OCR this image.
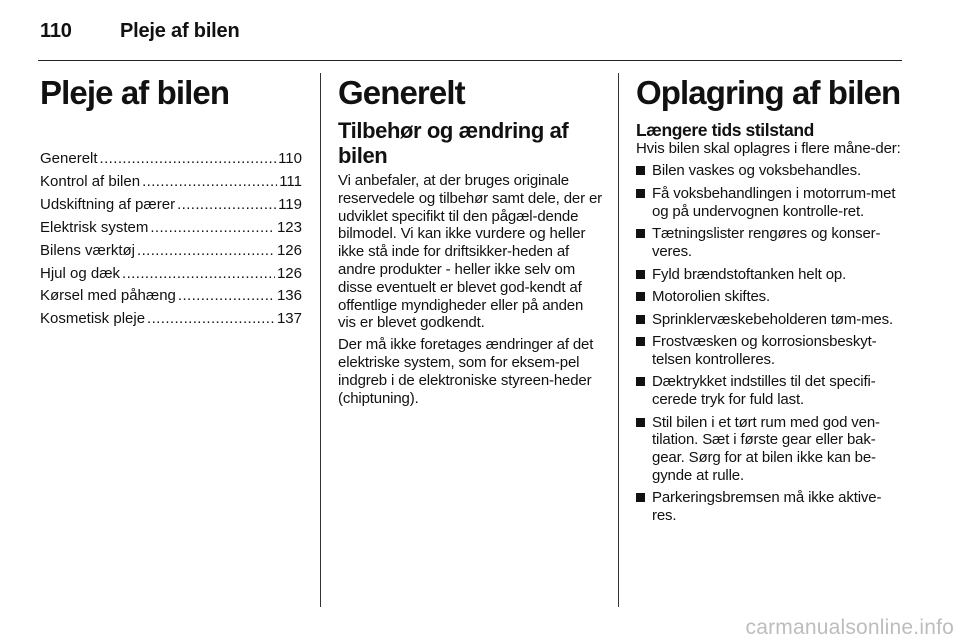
110 Pleje af bilen
Pleje af bilen
Generelt .....	110
Kontrol af bilen .....	111
Udskiftning af pærer .....	119
Elektrisk system .....	123
Bilens værktøj .....	126
Hjul og dæk .....	126
Kørsel med påhæng .....	136
Kosmetisk pleje .....	137
Generelt
Tilbehør og ændring af bilen

Vi anbefaler, at der bruges originale reservedele og tilbehør samt dele, der er udviklet specifikt til den pågæl-dende bilmodel. Vi kan ikke vurdere og heller ikke stå inde for driftsikker-heden af andre produkter - heller ikke selv om disse eventuelt er blevet god-kendt af offentlige myndigheder eller på anden vis er blevet godkendt.

Der må ikke foretages ændringer af det elektriske system, som for eksem-pel indgreb i de elektroniske styreen-heder (chiptuning).

Oplagring af bilen
Længere tids stilstand

Hvis bilen skal oplagres i flere måne-der:

Bilen vaskes og voksbehandles.
Få voksbehandlingen i motorrum-met og på undervognen kontrolle-ret.
Tætningslister rengøres og konser-veres.
Fyld brændstoftanken helt op.
Motorolien skiftes.
Sprinklervæskebeholderen tøm-mes.
Frostvæsken og korrosionsbeskyt-telsen kontrolleres.
Dæktrykket indstilles til det specifi-cerede tryk for fuld last.
Stil bilen i et tørt rum med god ven-tilation. Sæt i første gear eller bak-gear. Sørg for at bilen ikke kan be-gynde at rulle.
Parkeringsbremsen må ikke aktive-res.
carmanualsonline.info
